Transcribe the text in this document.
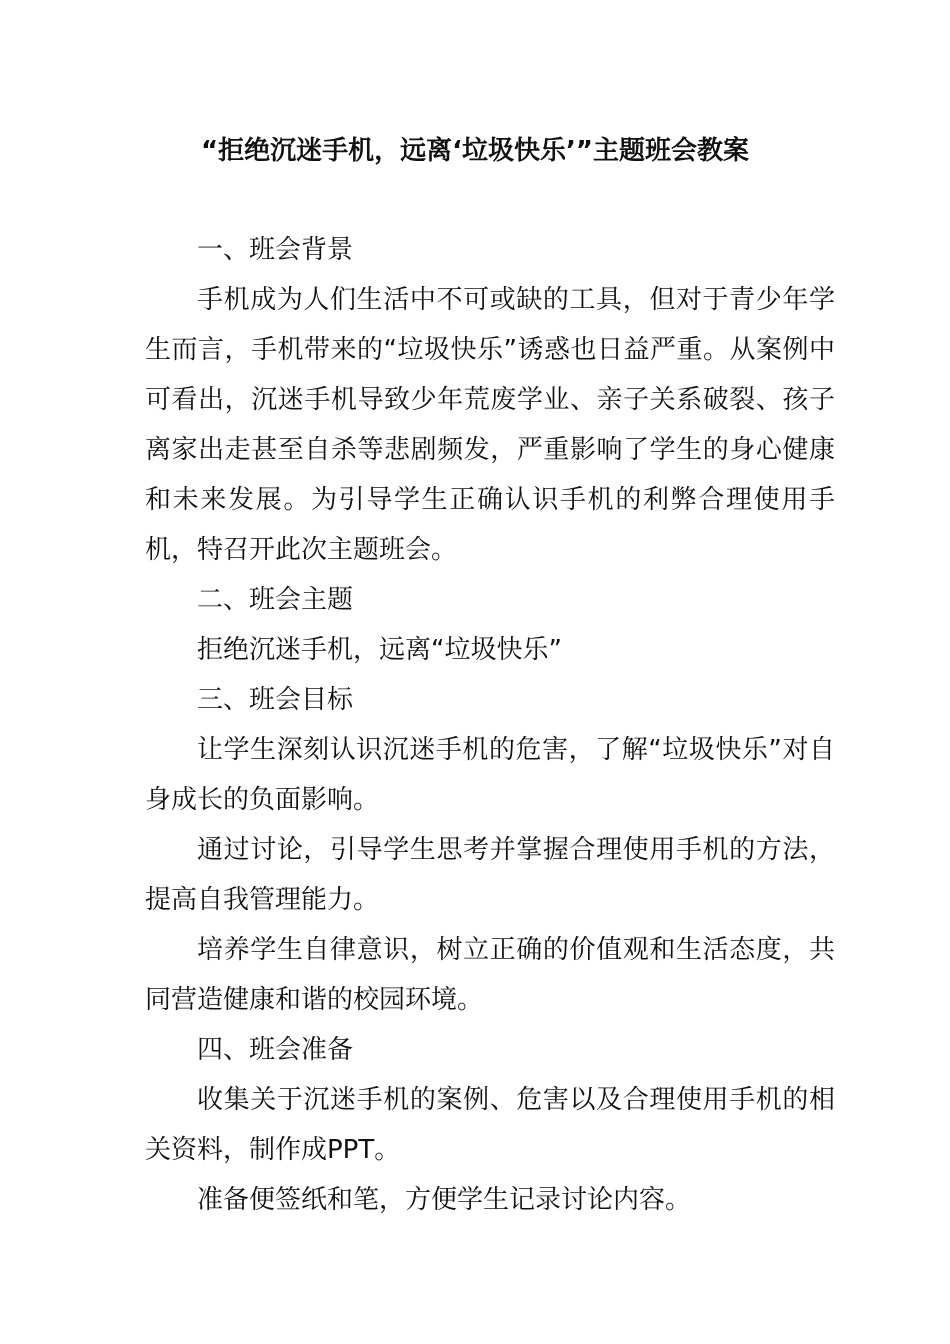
“拒绝沉迷手机，远离‘垃圾快乐’”主题班会教案

一、班会背景

手机成为人们生活中不可或缺的工具，但对于青少年学生而言，手机带来的“垃圾快乐”诱惑也日益严重。从案例中可看出，沉迷手机导致少年荒废学业、亲子关系破裂、孩子离家出走甚至自杀等悲剧频发，严重影响了学生的身心健康和未来发展。为引导学生正确认识手机的利弊合理使用手机，特召开此次主题班会。

二、班会主题

拒绝沉迷手机，远离“垃圾快乐”

三、班会目标

让学生深刻认识沉迷手机的危害，了解“垃圾快乐”对自身成长的负面影响。

通过讨论，引导学生思考并掌握合理使用手机的方法，提高自我管理能力。

培养学生自律意识，树立正确的价值观和生活态度，共同营造健康和谐的校园环境。

四、班会准备

收集关于沉迷手机的案例、危害以及合理使用手机的相关资料，制作成PPT。

准备便签纸和笔，方便学生记录讨论内容。
